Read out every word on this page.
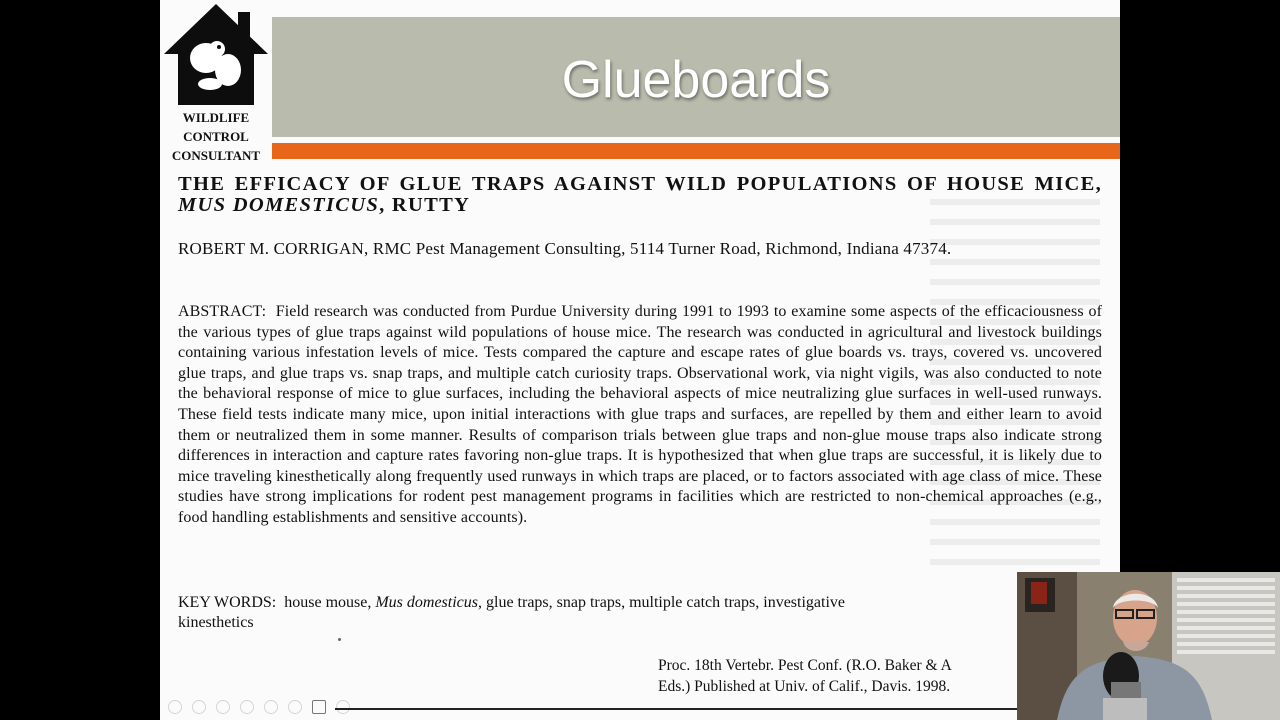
WILDLIFE
CONTROL
CONSULTANT
Glueboards
THE EFFICACY OF GLUE TRAPS AGAINST WILD POPULATIONS OF HOUSE MICE, MUS DOMESTICUS, RUTTY
ROBERT M. CORRIGAN, RMC Pest Management Consulting, 5114 Turner Road, Richmond, Indiana 47374.
ABSTRACT: Field research was conducted from Purdue University during 1991 to 1993 to examine some aspects of the efficaciousness of the various types of glue traps against wild populations of house mice. The research was conducted in agricultural and livestock buildings containing various infestation levels of mice. Tests compared the capture and escape rates of glue boards vs. trays, covered vs. uncovered glue traps, and glue traps vs. snap traps, and multiple catch curiosity traps. Observational work, via night vigils, was also conducted to note the behavioral response of mice to glue surfaces, including the behavioral aspects of mice neutralizing glue surfaces in well-used runways. These field tests indicate many mice, upon initial interactions with glue traps and surfaces, are repelled by them and either learn to avoid them or neutralized them in some manner. Results of comparison trials between glue traps and non-glue mouse traps also indicate strong differences in interaction and capture rates favoring non-glue traps. It is hypothesized that when glue traps are successful, it is likely due to mice traveling kinesthetically along frequently used runways in which traps are placed, or to factors associated with age class of mice. These studies have strong implications for rodent pest management programs in facilities which are restricted to non-chemical approaches (e.g., food handling establishments and sensitive accounts).
KEY WORDS: house mouse, Mus domesticus, glue traps, snap traps, multiple catch traps, investigative
kinesthetics
Proc. 18th Vertebr. Pest Conf. (R.O. Baker & A
Eds.) Published at Univ. of Calif., Davis. 1998.
